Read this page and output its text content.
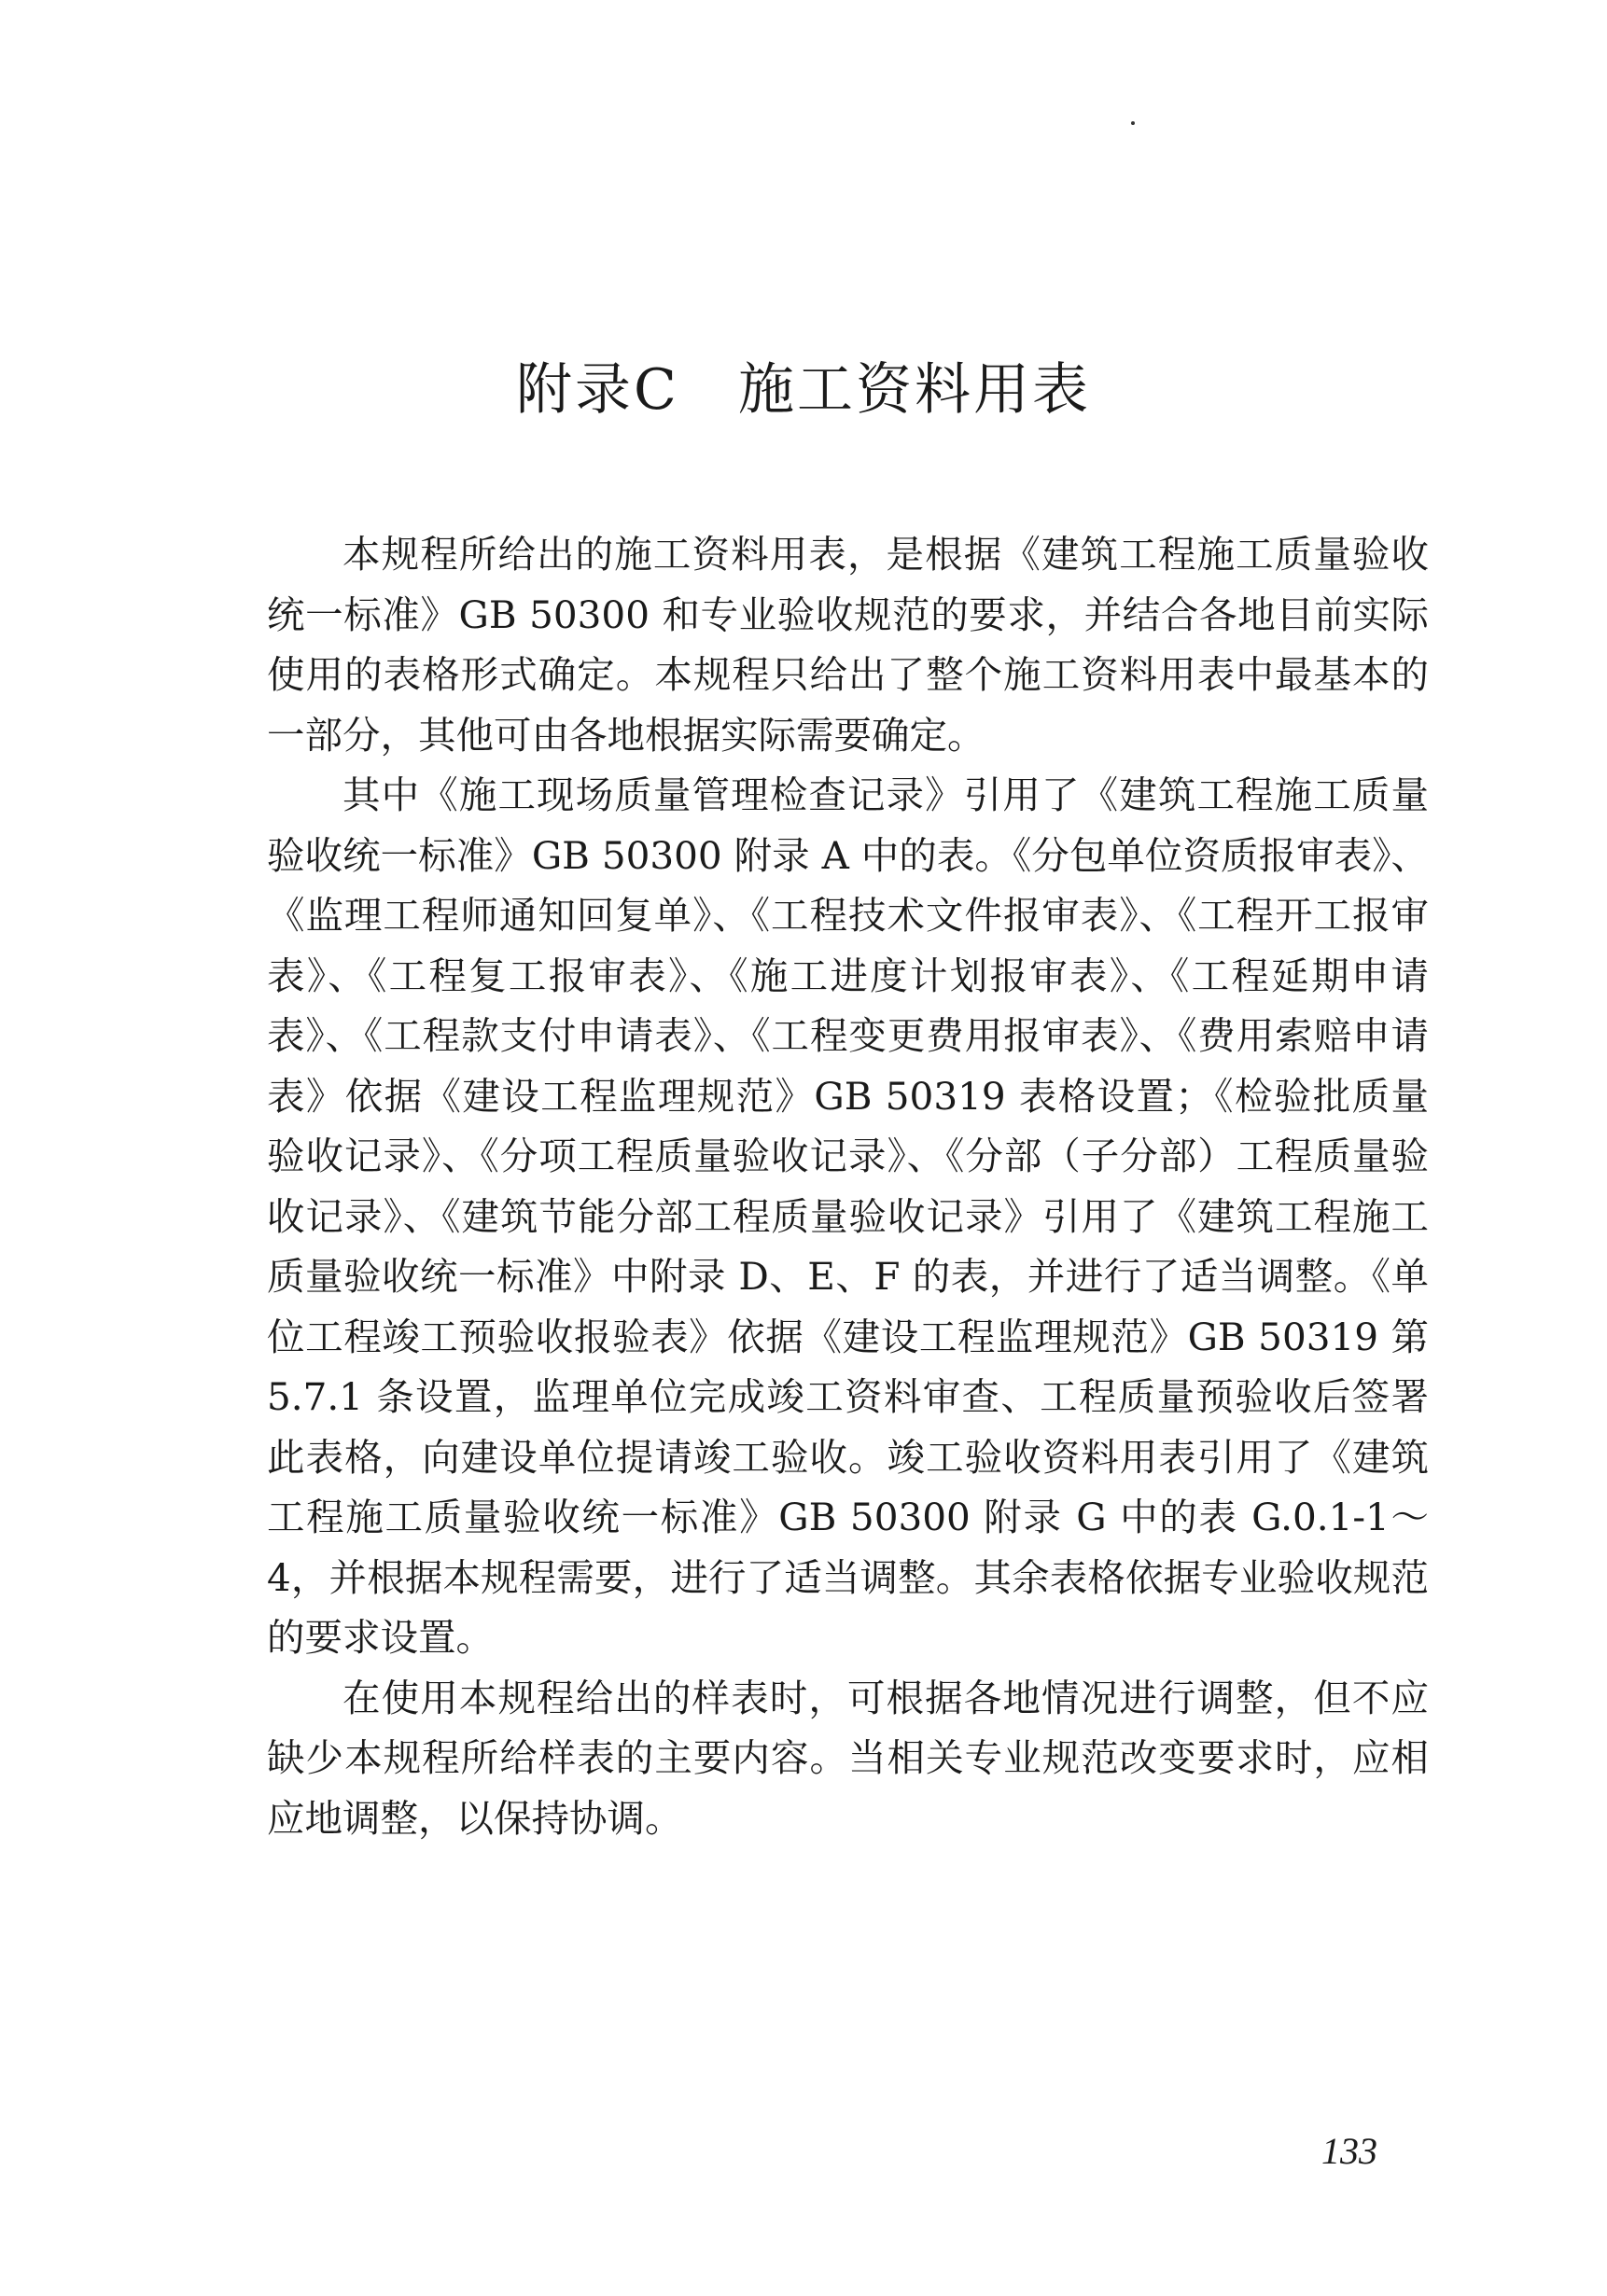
附录C　施工资料用表

本规程所给出的施工资料用表，是根据《建筑工程施工质量验收统一标准》GB 50300 和专业验收规范的要求，并结合各地目前实际使用的表格形式确定。本规程只给出了整个施工资料用表中最基本的一部分，其他可由各地根据实际需要确定。

其中《施工现场质量管理检查记录》引用了《建筑工程施工质量验收统一标准》GB 50300 附录 A 中的表。《分包单位资质报审表》、《监理工程师通知回复单》、《工程技术文件报审表》、《工程开工报审表》、《工程复工报审表》、《施工进度计划报审表》、《工程延期申请表》、《工程款支付申请表》、《工程变更费用报审表》、《费用索赔申请表》依据《建设工程监理规范》GB 50319 表格设置；《检验批质量验收记录》、《分项工程质量验收记录》、《分部（子分部）工程质量验收记录》、《建筑节能分部工程质量验收记录》引用了《建筑工程施工质量验收统一标准》中附录 D、E、F 的表，并进行了适当调整。《单位工程竣工预验收报验表》依据《建设工程监理规范》GB 50319 第 5.7.1 条设置，监理单位完成竣工资料审查、工程质量预验收后签署此表格，向建设单位提请竣工验收。竣工验收资料用表引用了《建筑工程施工质量验收统一标准》GB 50300 附录 G 中的表 G.0.1-1～4，并根据本规程需要，进行了适当调整。其余表格依据专业验收规范的要求设置。

在使用本规程给出的样表时，可根据各地情况进行调整，但不应缺少本规程所给样表的主要内容。当相关专业规范改变要求时，应相应地调整，以保持协调。

133
